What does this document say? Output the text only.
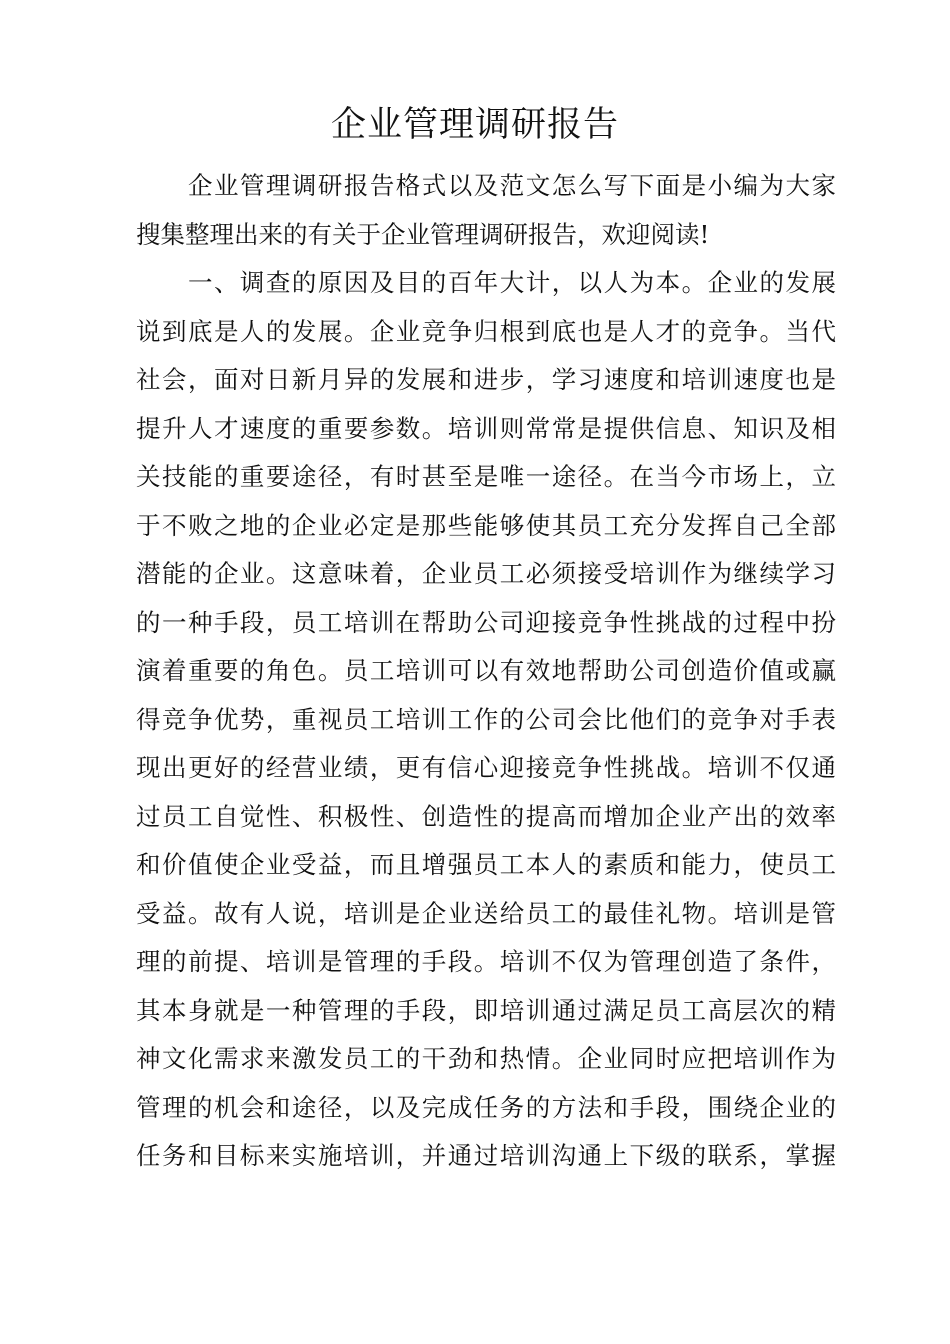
企业管理调研报告
　　企业管理调研报告格式以及范文怎么写下面是小编为大家
搜集整理出来的有关于企业管理调研报告，欢迎阅读!
　　一、调查的原因及目的百年大计，以人为本。企业的发展
说到底是人的发展。企业竞争归根到底也是人才的竞争。当代
社会，面对日新月异的发展和进步，学习速度和培训速度也是
提升人才速度的重要参数。培训则常常是提供信息、知识及相
关技能的重要途径，有时甚至是唯一途径。在当今市场上，立
于不败之地的企业必定是那些能够使其员工充分发挥自己全部
潜能的企业。这意味着，企业员工必须接受培训作为继续学习
的一种手段，员工培训在帮助公司迎接竞争性挑战的过程中扮
演着重要的角色。员工培训可以有效地帮助公司创造价值或赢
得竞争优势，重视员工培训工作的公司会比他们的竞争对手表
现出更好的经营业绩，更有信心迎接竞争性挑战。培训不仅通
过员工自觉性、积极性、创造性的提高而增加企业产出的效率
和价值使企业受益，而且增强员工本人的素质和能力，使员工
受益。故有人说，培训是企业送给员工的最佳礼物。培训是管
理的前提、培训是管理的手段。培训不仅为管理创造了条件，
其本身就是一种管理的手段，即培训通过满足员工高层次的精
神文化需求来激发员工的干劲和热情。企业同时应把培训作为
管理的机会和途径，以及完成任务的方法和手段，围绕企业的
任务和目标来实施培训，并通过培训沟通上下级的联系，掌握
